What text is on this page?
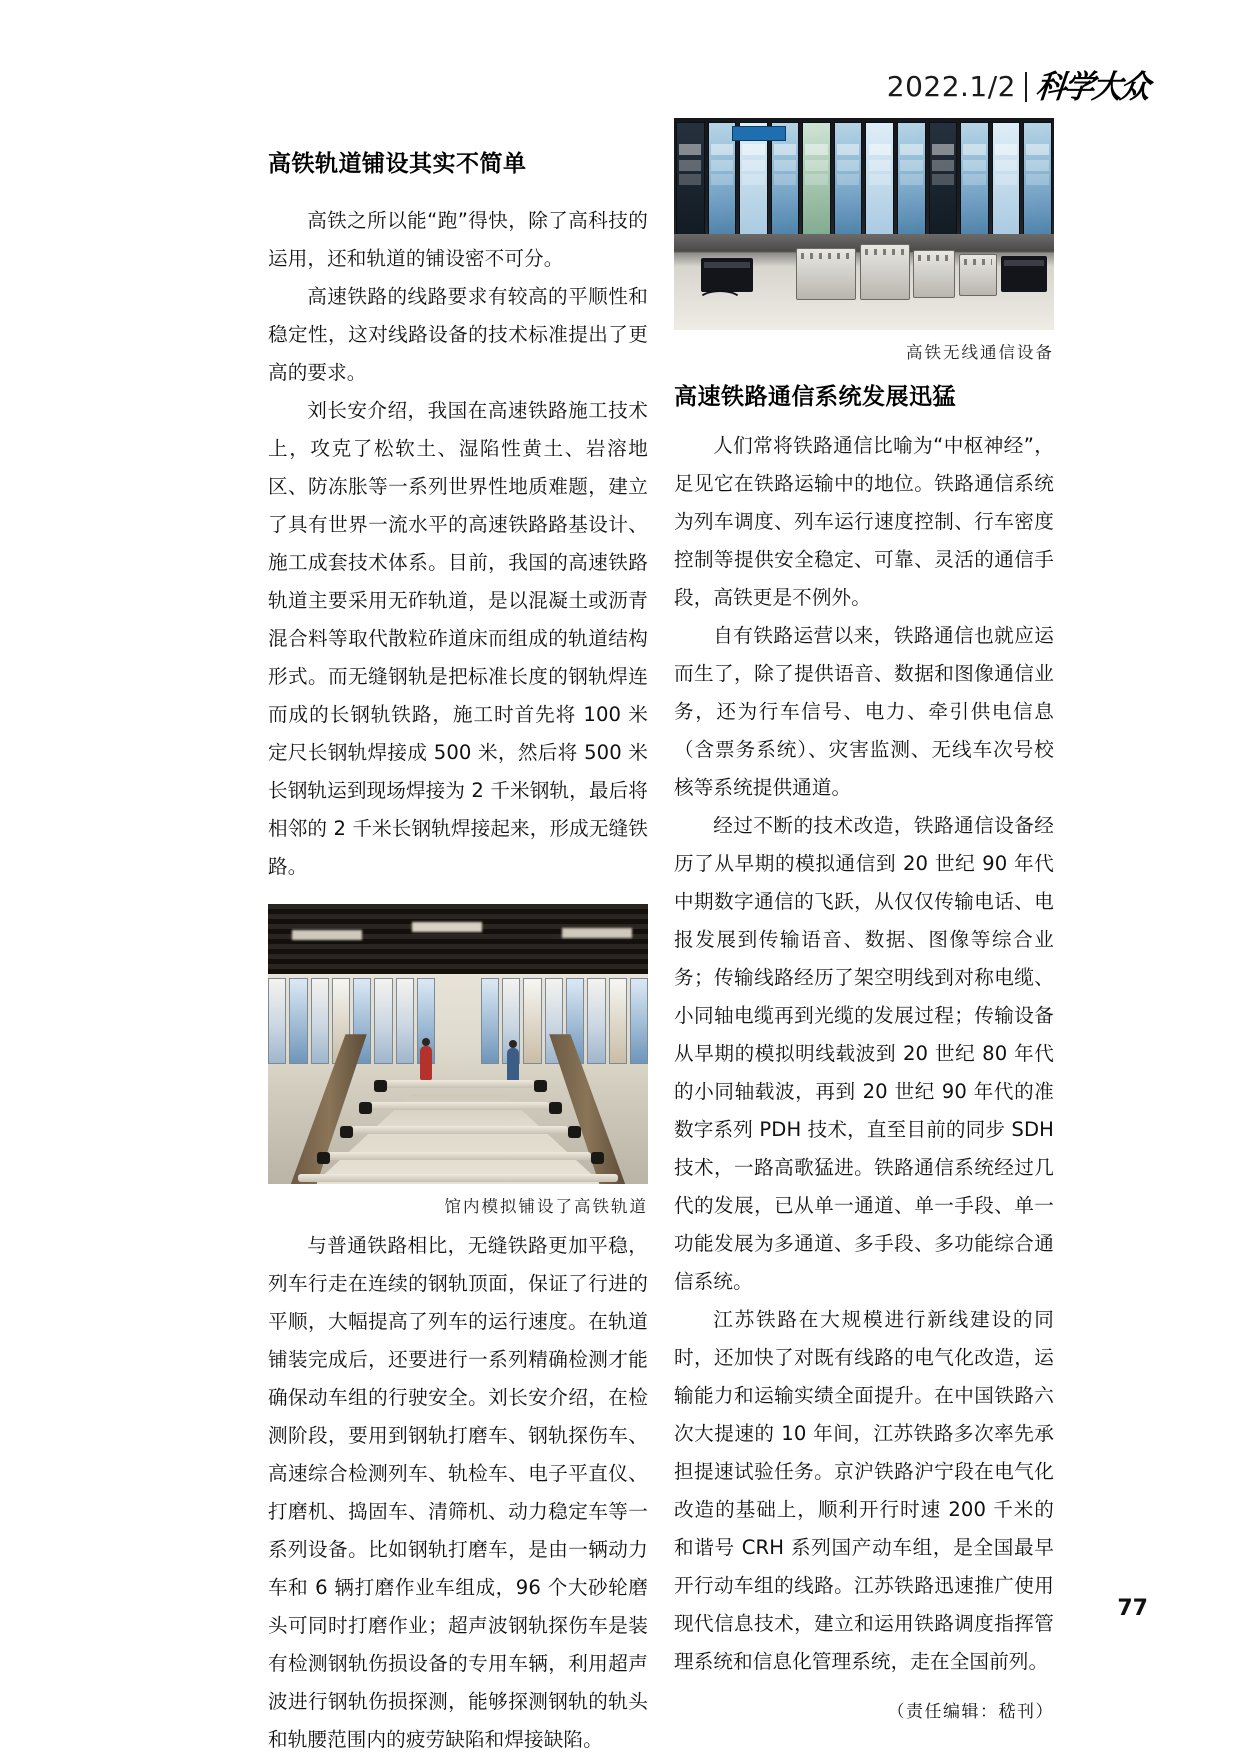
2022.1/2 科学大众
高铁轨道铺设其实不简单

高铁之所以能“跑”得快，除了高科技的运用，还和轨道的铺设密不可分。

高速铁路的线路要求有较高的平顺性和稳定性，这对线路设备的技术标准提出了更高的要求。

刘长安介绍，我国在高速铁路施工技术上，攻克了松软土、湿陷性黄土、岩溶地区、防冻胀等一系列世界性地质难题，建立了具有世界一流水平的高速铁路路基设计、施工成套技术体系。目前，我国的高速铁路轨道主要采用无砟轨道，是以混凝土或沥青混合料等取代散粒砟道床而组成的轨道结构形式。而无缝钢轨是把标准长度的钢轨焊连而成的长钢轨铁路，施工时首先将 100 米定尺长钢轨焊接成 500 米，然后将 500 米长钢轨运到现场焊接为 2 千米钢轨，最后将相邻的 2 千米长钢轨焊接起来，形成无缝铁路。

馆内模拟铺设了高铁轨道

与普通铁路相比，无缝铁路更加平稳，列车行走在连续的钢轨顶面，保证了行进的平顺，大幅提高了列车的运行速度。在轨道铺装完成后，还要进行一系列精确检测才能确保动车组的行驶安全。刘长安介绍，在检测阶段，要用到钢轨打磨车、钢轨探伤车、高速综合检测列车、轨检车、电子平直仪、打磨机、捣固车、清筛机、动力稳定车等一系列设备。比如钢轨打磨车，是由一辆动力车和 6 辆打磨作业车组成，96 个大砂轮磨头可同时打磨作业；超声波钢轨探伤车是装有检测钢轨伤损设备的专用车辆，利用超声波进行钢轨伤损探测，能够探测钢轨的轨头和轨腰范围内的疲劳缺陷和焊接缺陷。

高铁无线通信设备
高速铁路通信系统发展迅猛

人们常将铁路通信比喻为“中枢神经”，足见它在铁路运输中的地位。铁路通信系统为列车调度、列车运行速度控制、行车密度控制等提供安全稳定、可靠、灵活的通信手段，高铁更是不例外。

自有铁路运营以来，铁路通信也就应运而生了，除了提供语音、数据和图像通信业务，还为行车信号、电力、牵引供电信息（含票务系统）、灾害监测、无线车次号校核等系统提供通道。

经过不断的技术改造，铁路通信设备经历了从早期的模拟通信到 20 世纪 90 年代中期数字通信的飞跃，从仅仅传输电话、电报发展到传输语音、数据、图像等综合业务；传输线路经历了架空明线到对称电缆、小同轴电缆再到光缆的发展过程；传输设备从早期的模拟明线载波到 20 世纪 80 年代的小同轴载波，再到 20 世纪 90 年代的准数字系列 PDH 技术，直至目前的同步 SDH 技术，一路高歌猛进。铁路通信系统经过几代的发展，已从单一通道、单一手段、单一功能发展为多通道、多手段、多功能综合通信系统。

江苏铁路在大规模进行新线建设的同时，还加快了对既有线路的电气化改造，运输能力和运输实绩全面提升。在中国铁路六次大提速的 10 年间，江苏铁路多次率先承担提速试验任务。京沪铁路沪宁段在电气化改造的基础上，顺利开行时速 200 千米的和谐号 CRH 系列国产动车组，是全国最早开行动车组的线路。江苏铁路迅速推广使用现代信息技术，建立和运用铁路调度指挥管理系统和信息化管理系统，走在全国前列。

（责任编辑：嵇刊）
77
